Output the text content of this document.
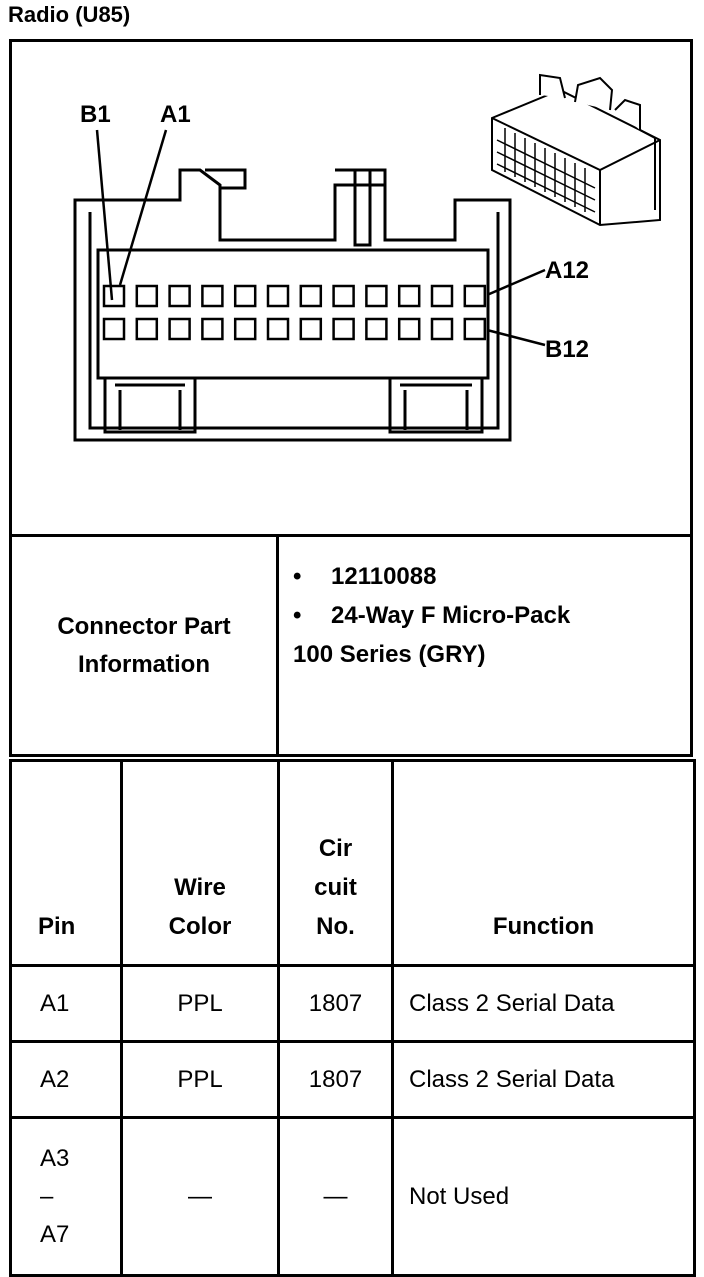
Radio (U85)
B1 A1
A12
B12
Connector Part Information	
• 12110088
• 24-Way F Micro-Pack
100 Series (GRY)
Pin	Wire Color	Cir cuit No.	Function
A1	PPL	1807	Class 2 Serial Data
A2	PPL	1807	Class 2 Serial Data
A3 –A7	—	—	Not Used
